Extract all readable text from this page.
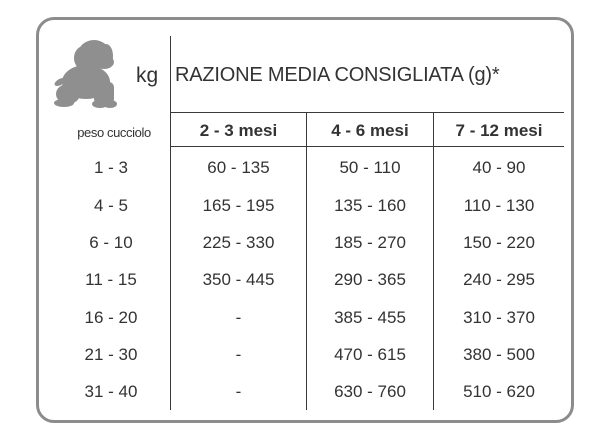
kg RAZIONE MEDIA CONSIGLIATA (g)*
peso cucciolo	2 - 3 mesi	4 - 6 mesi	7 - 12 mesi
1 - 3	60 - 135	50 - 110	40 - 90
4 - 5	165 - 195	135 - 160	110 - 130
6 - 10	225 - 330	185 - 270	150 - 220
11 - 15	350 - 445	290 - 365	240 - 295
16 - 20	-	385 - 455	310 - 370
21 - 30	-	470 - 615	380 - 500
31 - 40	-	630 - 760	510 - 620
